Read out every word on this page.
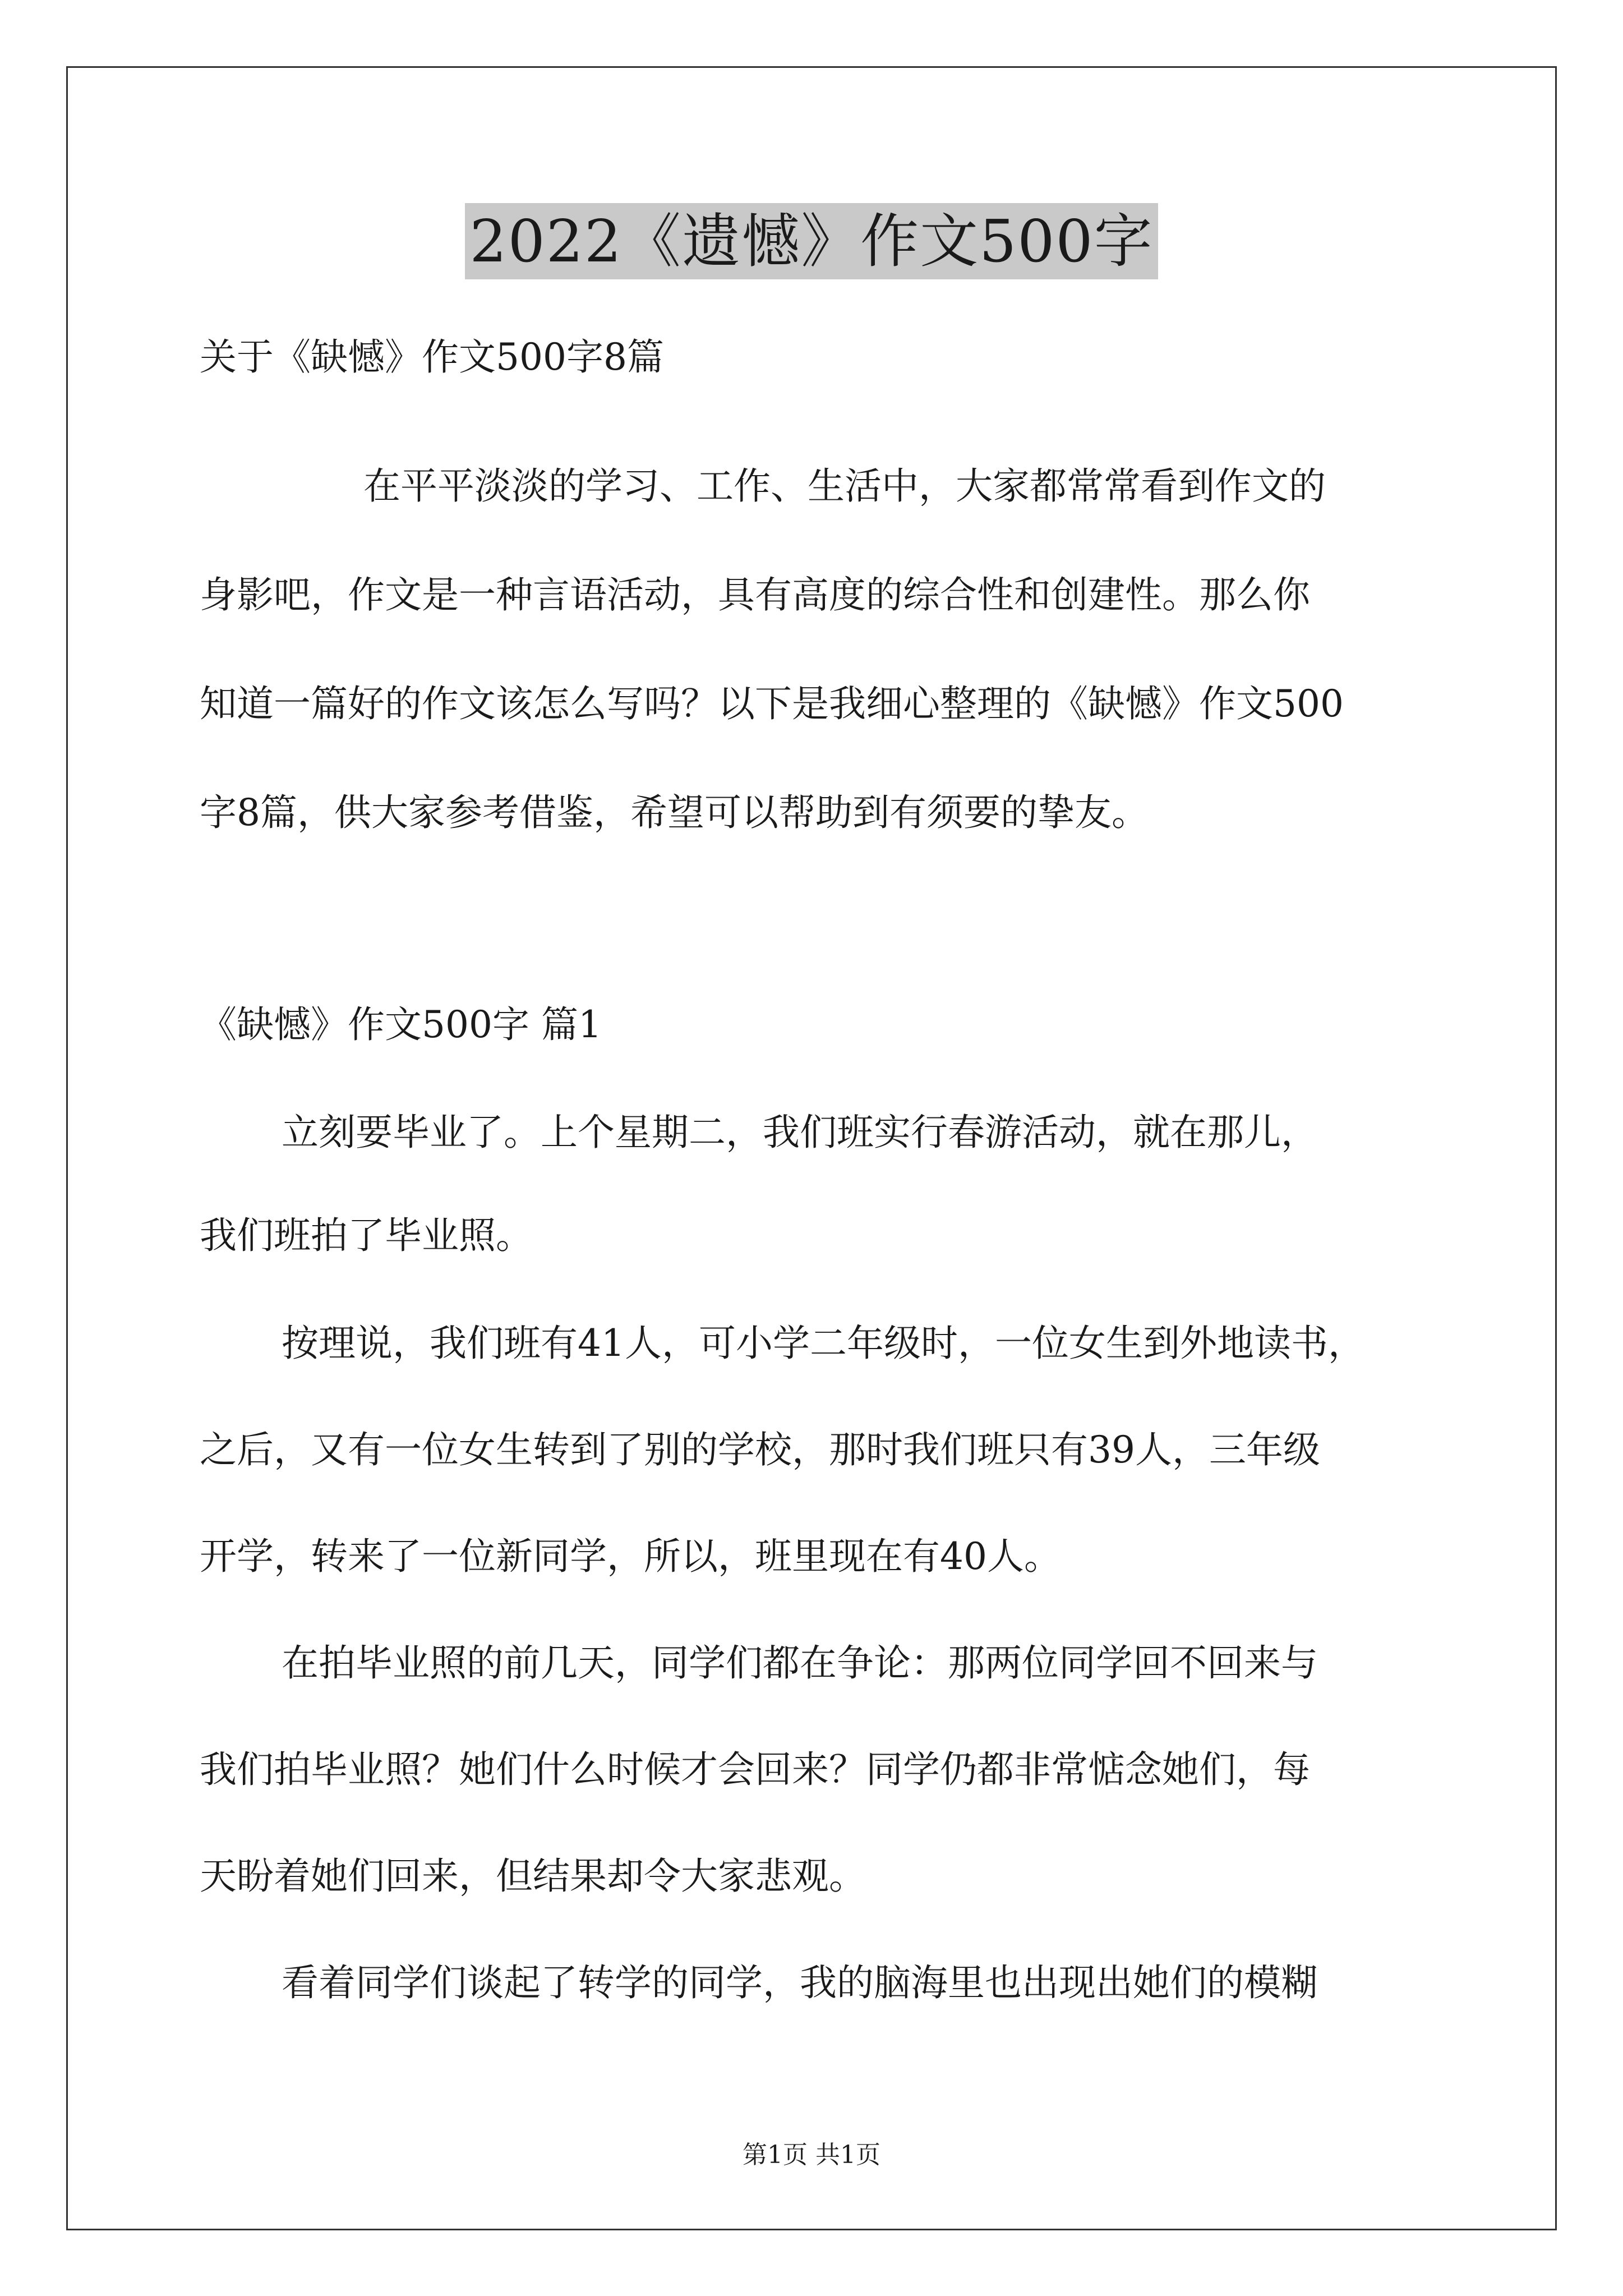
2022《遗憾》作文500字
关于《缺憾》作文500字8篇
在平平淡淡的学习、工作、生活中，大家都常常看到作文的
身影吧，作文是一种言语活动，具有高度的综合性和创建性。那么你
知道一篇好的作文该怎么写吗？以下是我细心整理的《缺憾》作文500
字8篇，供大家参考借鉴，希望可以帮助到有须要的挚友。
《缺憾》作文500字 篇1
立刻要毕业了。上个星期二，我们班实行春游活动，就在那儿，
我们班拍了毕业照。
按理说，我们班有41人，可小学二年级时，一位女生到外地读书，
之后，又有一位女生转到了别的学校，那时我们班只有39人，三年级
开学，转来了一位新同学，所以，班里现在有40人。
在拍毕业照的前几天，同学们都在争论：那两位同学回不回来与
我们拍毕业照？她们什么时候才会回来？同学仍都非常惦念她们，每
天盼着她们回来，但结果却令大家悲观。
看着同学们谈起了转学的同学，我的脑海里也出现出她们的模糊
第1页 共1页
